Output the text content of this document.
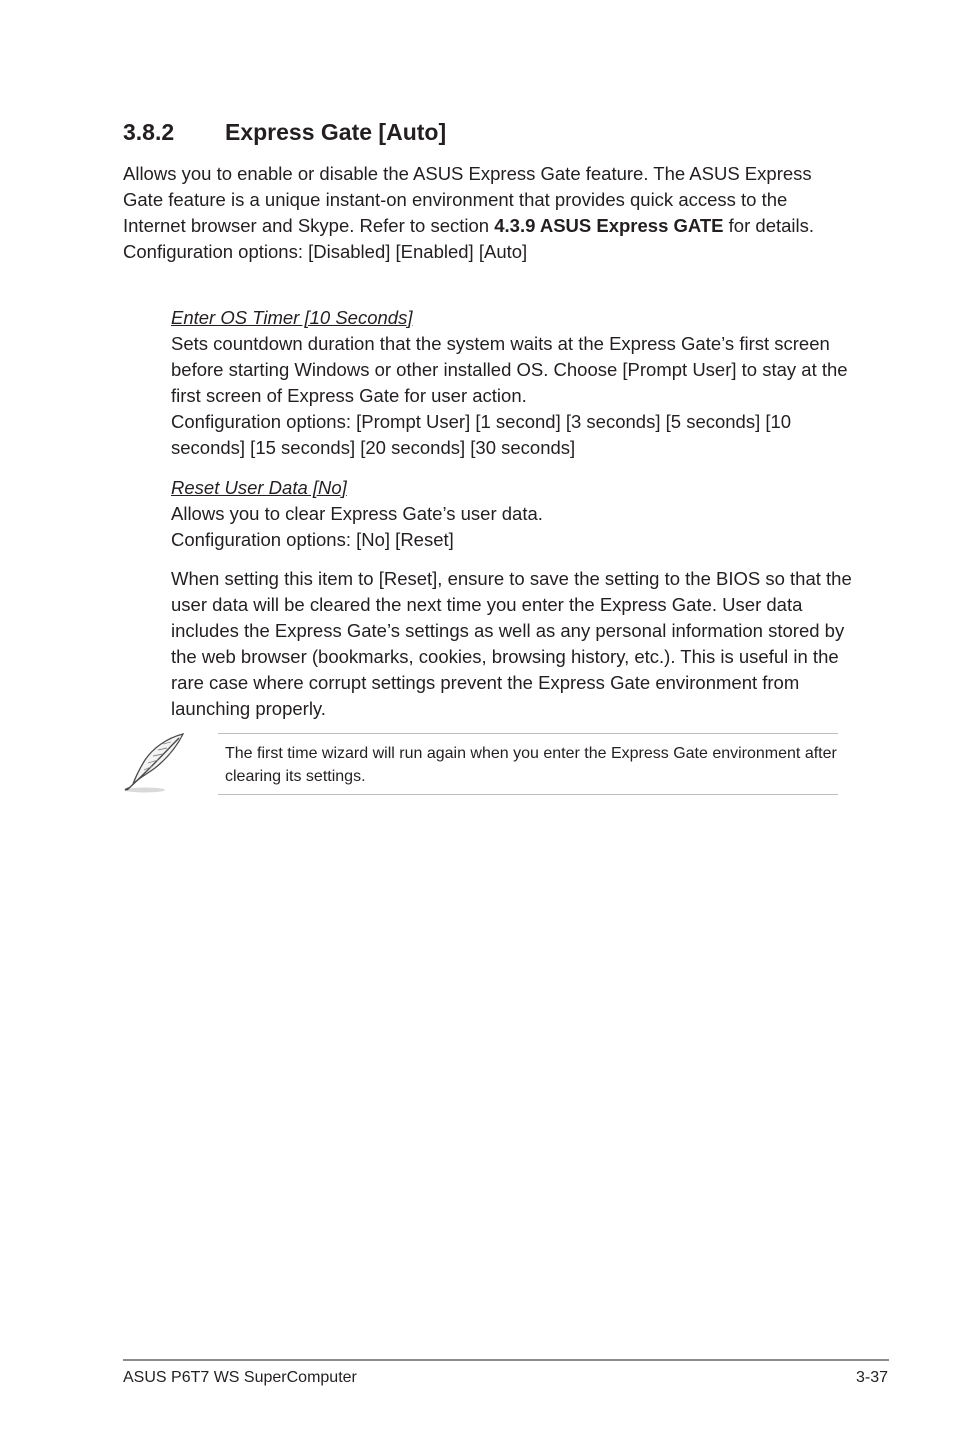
3.8.2 Express Gate [Auto]

Allows you to enable or disable the ASUS Express Gate feature. The ASUS Express Gate feature is a unique instant-on environment that provides quick access to the Internet browser and Skype. Refer to section 4.3.9 ASUS Express GATE for details.

Configuration options: [Disabled] [Enabled] [Auto]

Enter OS Timer [10 Seconds]

Sets countdown duration that the system waits at the Express Gate’s first screen before starting Windows or other installed OS. Choose [Prompt User] to stay at the first screen of Express Gate for user action.

Configuration options: [Prompt User] [1 second] [3 seconds] [5 seconds] [10 seconds] [15 seconds] [20 seconds] [30 seconds]

Reset User Data [No]

Allows you to clear Express Gate’s user data.

Configuration options: [No] [Reset]

When setting this item to [Reset], ensure to save the setting to the BIOS so that the user data will be cleared the next time you enter the Express Gate. User data includes the Express Gate’s settings as well as any personal information stored by the web browser (bookmarks, cookies, browsing history, etc.). This is useful in the rare case where corrupt settings prevent the Express Gate environment from launching properly.

The first time wizard will run again when you enter the Express Gate environment after clearing its settings.
ASUS P6T7 WS SuperComputer	3-37
